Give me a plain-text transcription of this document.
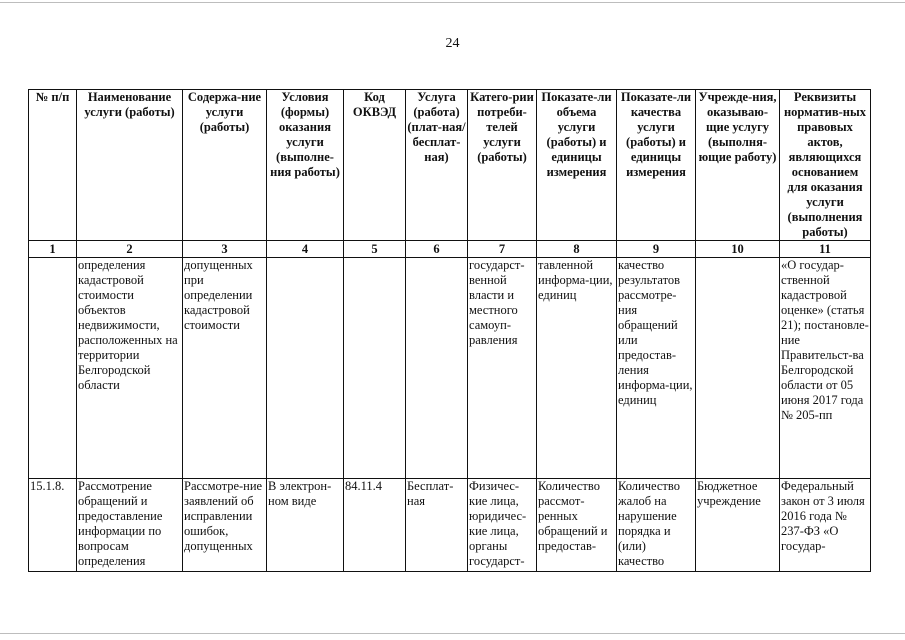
24
№ п/п	Наименование услуги (работы)	Содержа-ние услуги (работы)	Условия (формы) оказания услуги (выполне-ния работы)	Код ОКВЭД	Услуга (работа) (плат-ная/ бесплат-ная)	Катего-рии потреби-телей услуги (работы)	Показате-ли объема услуги (работы) и единицы измерения	Показате-ли качества услуги (работы) и единицы измерения	Учрежде-ния, оказываю-щие услугу (выполня-ющие работу)	Реквизиты норматив-ных правовых актов, являющихся основанием для оказания услуги (выполнения работы)
1	2	3	4	5	6	7	8	9	10	11
	определения кадастровой стоимости объектов недвижимости, расположенных на территории Белгородской области	допущенных при определении кадастровой стоимости				государст-венной власти и местного самоуп-равления	тавленной информа-ции, единиц	качество результатов рассмотре-ния обращений или предостав-ления информа-ции, единиц		«О государ-ственной кадастровой оценке» (статья 21); постановле-ние Правительст-ва Белгородской области от 05 июня 2017 года № 205-пп
15.1.8.	Рассмотрение обращений и предоставление информации по вопросам определения	Рассмотре-ние заявлений об исправлении ошибок, допущенных	В электрон-ном виде	84.11.4	Бесплат-ная	Физичес-кие лица, юридичес-кие лица, органы государст-	Количество рассмот-ренных обращений и предостав-	Количество жалоб на нарушение порядка и (или) качество	Бюджетное учреждение	Федеральный закон от 3 июля 2016 года № 237-ФЗ «О государ-
